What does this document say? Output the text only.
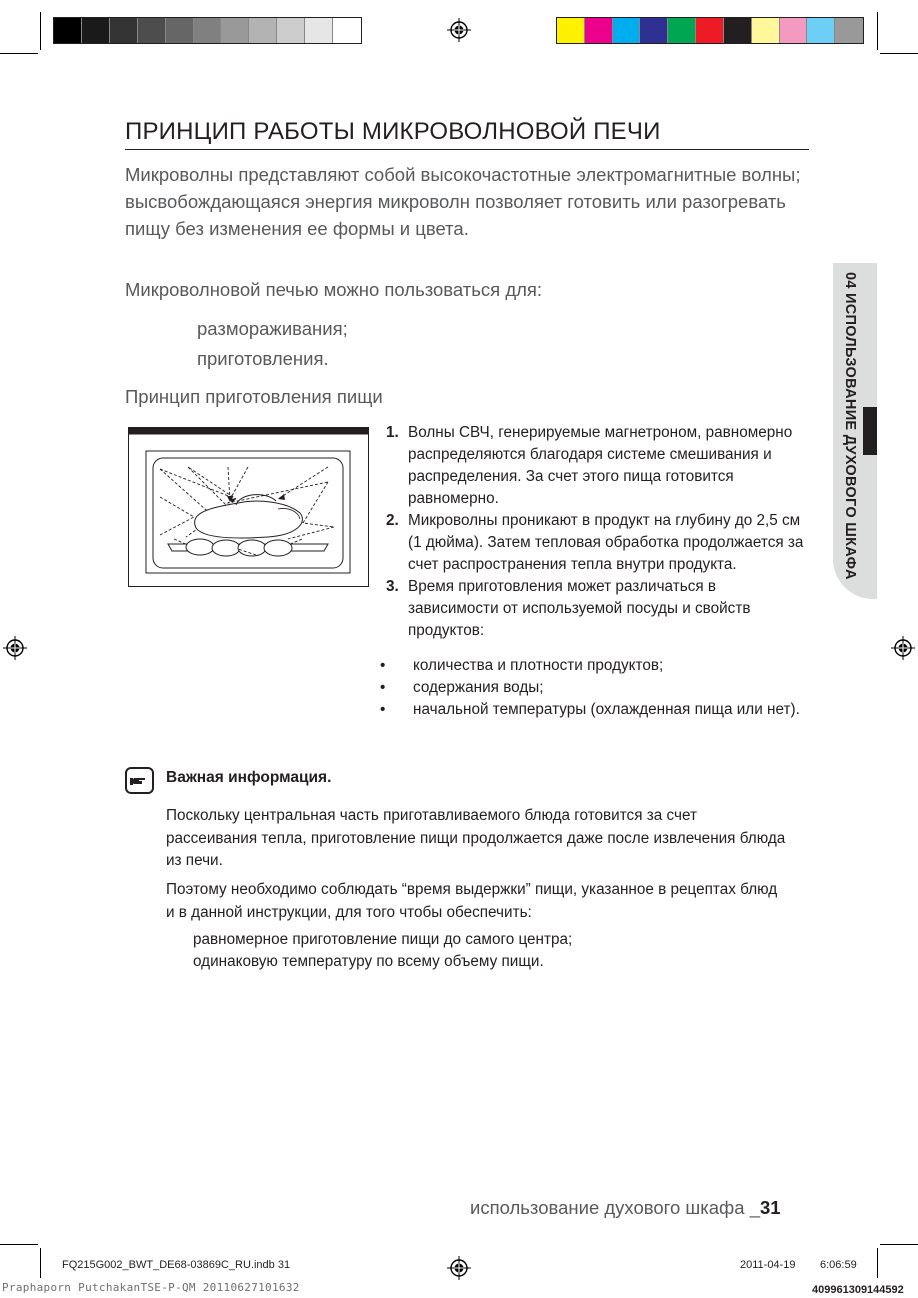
ПРИНЦИП РАБОТЫ МИКРОВОЛНОВОЙ ПЕЧИ

Микроволны представляют собой высокочастотные электромагнитные волны; высвобождающаяся энергия микроволн позволяет готовить или разогревать пищу без изменения ее формы и цвета.

Микроволновой печью можно пользоваться для:

размораживания;

приготовления.

Принцип приготовления пищи

1. Волны СВЧ, генерируемые магнетроном, равномерно распределяются благодаря системе смешивания и распределения. За счет этого пища готовится равномерно.

2. Микроволны проникают в продукт на глубину до 2,5 см (1 дюйма). Затем тепловая обработка продолжается за счет распространения тепла внутри продукта.

3. Время приготовления может различаться в зависимости от используемой посуды и свойств продуктов:

• количества и плотности продуктов;

• содержания воды;

• начальной температуры (охлажденная пища или нет).

Важная информация.

Поскольку центральная часть приготавливаемого блюда готовится за счет рассеивания тепла, приготовление пищи продолжается даже после извлечения блюда из печи.

Поэтому необходимо соблюдать “время выдержки” пищи, указанное в рецептах блюд и в данной инструкции, для того чтобы обеспечить:

равномерное приготовление пищи до самого центра;

одинаковую температуру по всему объему пищи.

04 ИСПОЛЬЗОВАНИЕ ДУХОВОГО ШКАФА

использование духового шкафа _31

FQ215G002_BWT_DE68-03869C_RU.indb 31	2011-04-19 6:06:59

Praphaporn PutchakanTSE-P-QM 20110627101632	409961309144592
